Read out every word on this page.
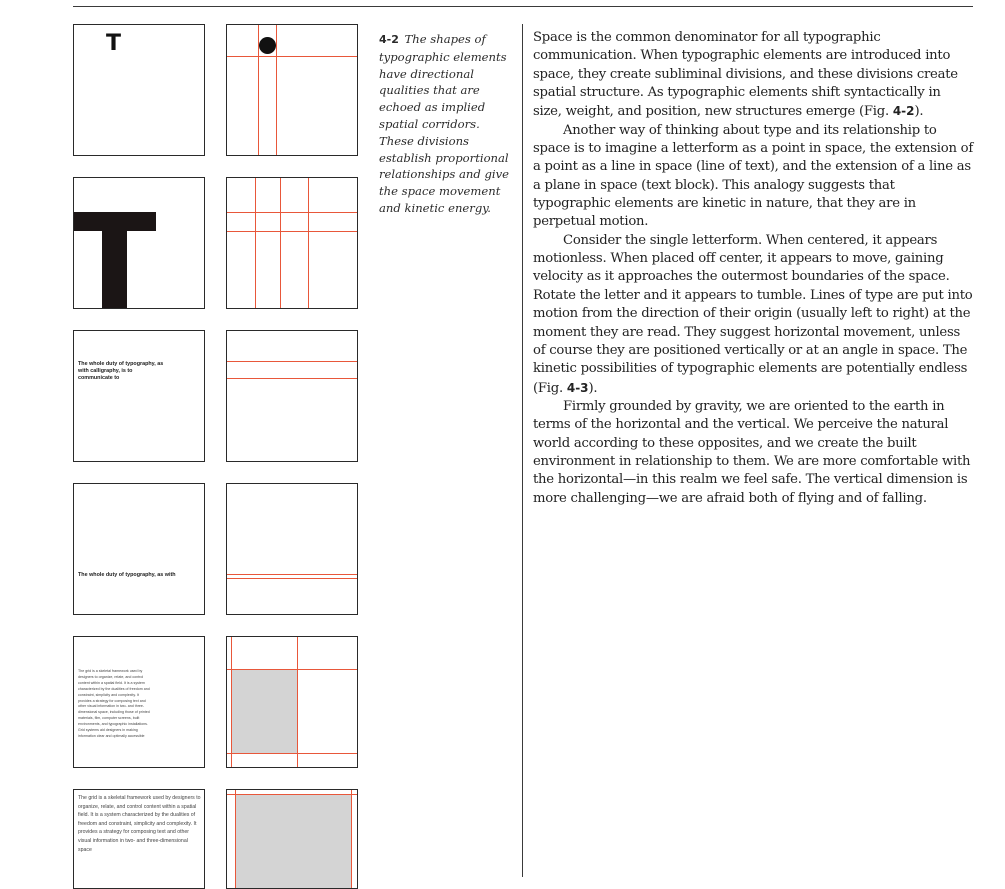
T
The whole duty of typography, as with calligraphy, is to communicate to
The whole duty of typography, as with
The grid is a skeletal framework used by designers to organize, relate, and control content within a spatial field. It is a system characterized by the dualities of freedom and constraint, simplicity and complexity. It provides a strategy for composing text and other visual information in two- and three-dimensional space, including those of printed materials, film, computer screens, built environments, and typographic installations. Grid systems aid designers in making information clear and optimally accessible
The grid is a skeletal framework used by designers to organize, relate, and control content within a spatial field. It is a system characterized by the dualities of freedom and constraint, simplicity and complexity. It provides a strategy for composing text and other visual information in two- and three-dimensional space
4-2 The shapes of typographic elements have directional qualities that are echoed as implied spatial corridors. These divisions establish proportional relationships and give the space movement and kinetic energy.

Space is the common denominator for all typographic communication. When typographic elements are introduced into space, they create subliminal divisions, and these divisions create spatial structure. As typographic elements shift syntactically in size, weight, and position, new structures emerge (Fig. 4-2).

Another way of thinking about type and its relationship to space is to imagine a letterform as a point in space, the extension of a point as a line in space (line of text), and the extension of a line as a plane in space (text block). This analogy suggests that typographic elements are kinetic in nature, that they are in perpetual motion.

Consider the single letterform. When centered, it appears motionless. When placed off center, it appears to move, gaining velocity as it approaches the outermost boundaries of the space. Rotate the letter and it appears to tumble. Lines of type are put into motion from the direction of their origin (usually left to right) at the moment they are read. They suggest horizontal movement, unless of course they are positioned vertically or at an angle in space. The kinetic possibilities of typographic elements are potentially endless (Fig. 4-3).

Firmly grounded by gravity, we are oriented to the earth in terms of the horizontal and the vertical. We perceive the natural world according to these opposites, and we create the built environment in relationship to them. We are more comfortable with the horizontal—in this realm we feel safe. The vertical dimension is more challenging—we are afraid both of flying and of falling.
